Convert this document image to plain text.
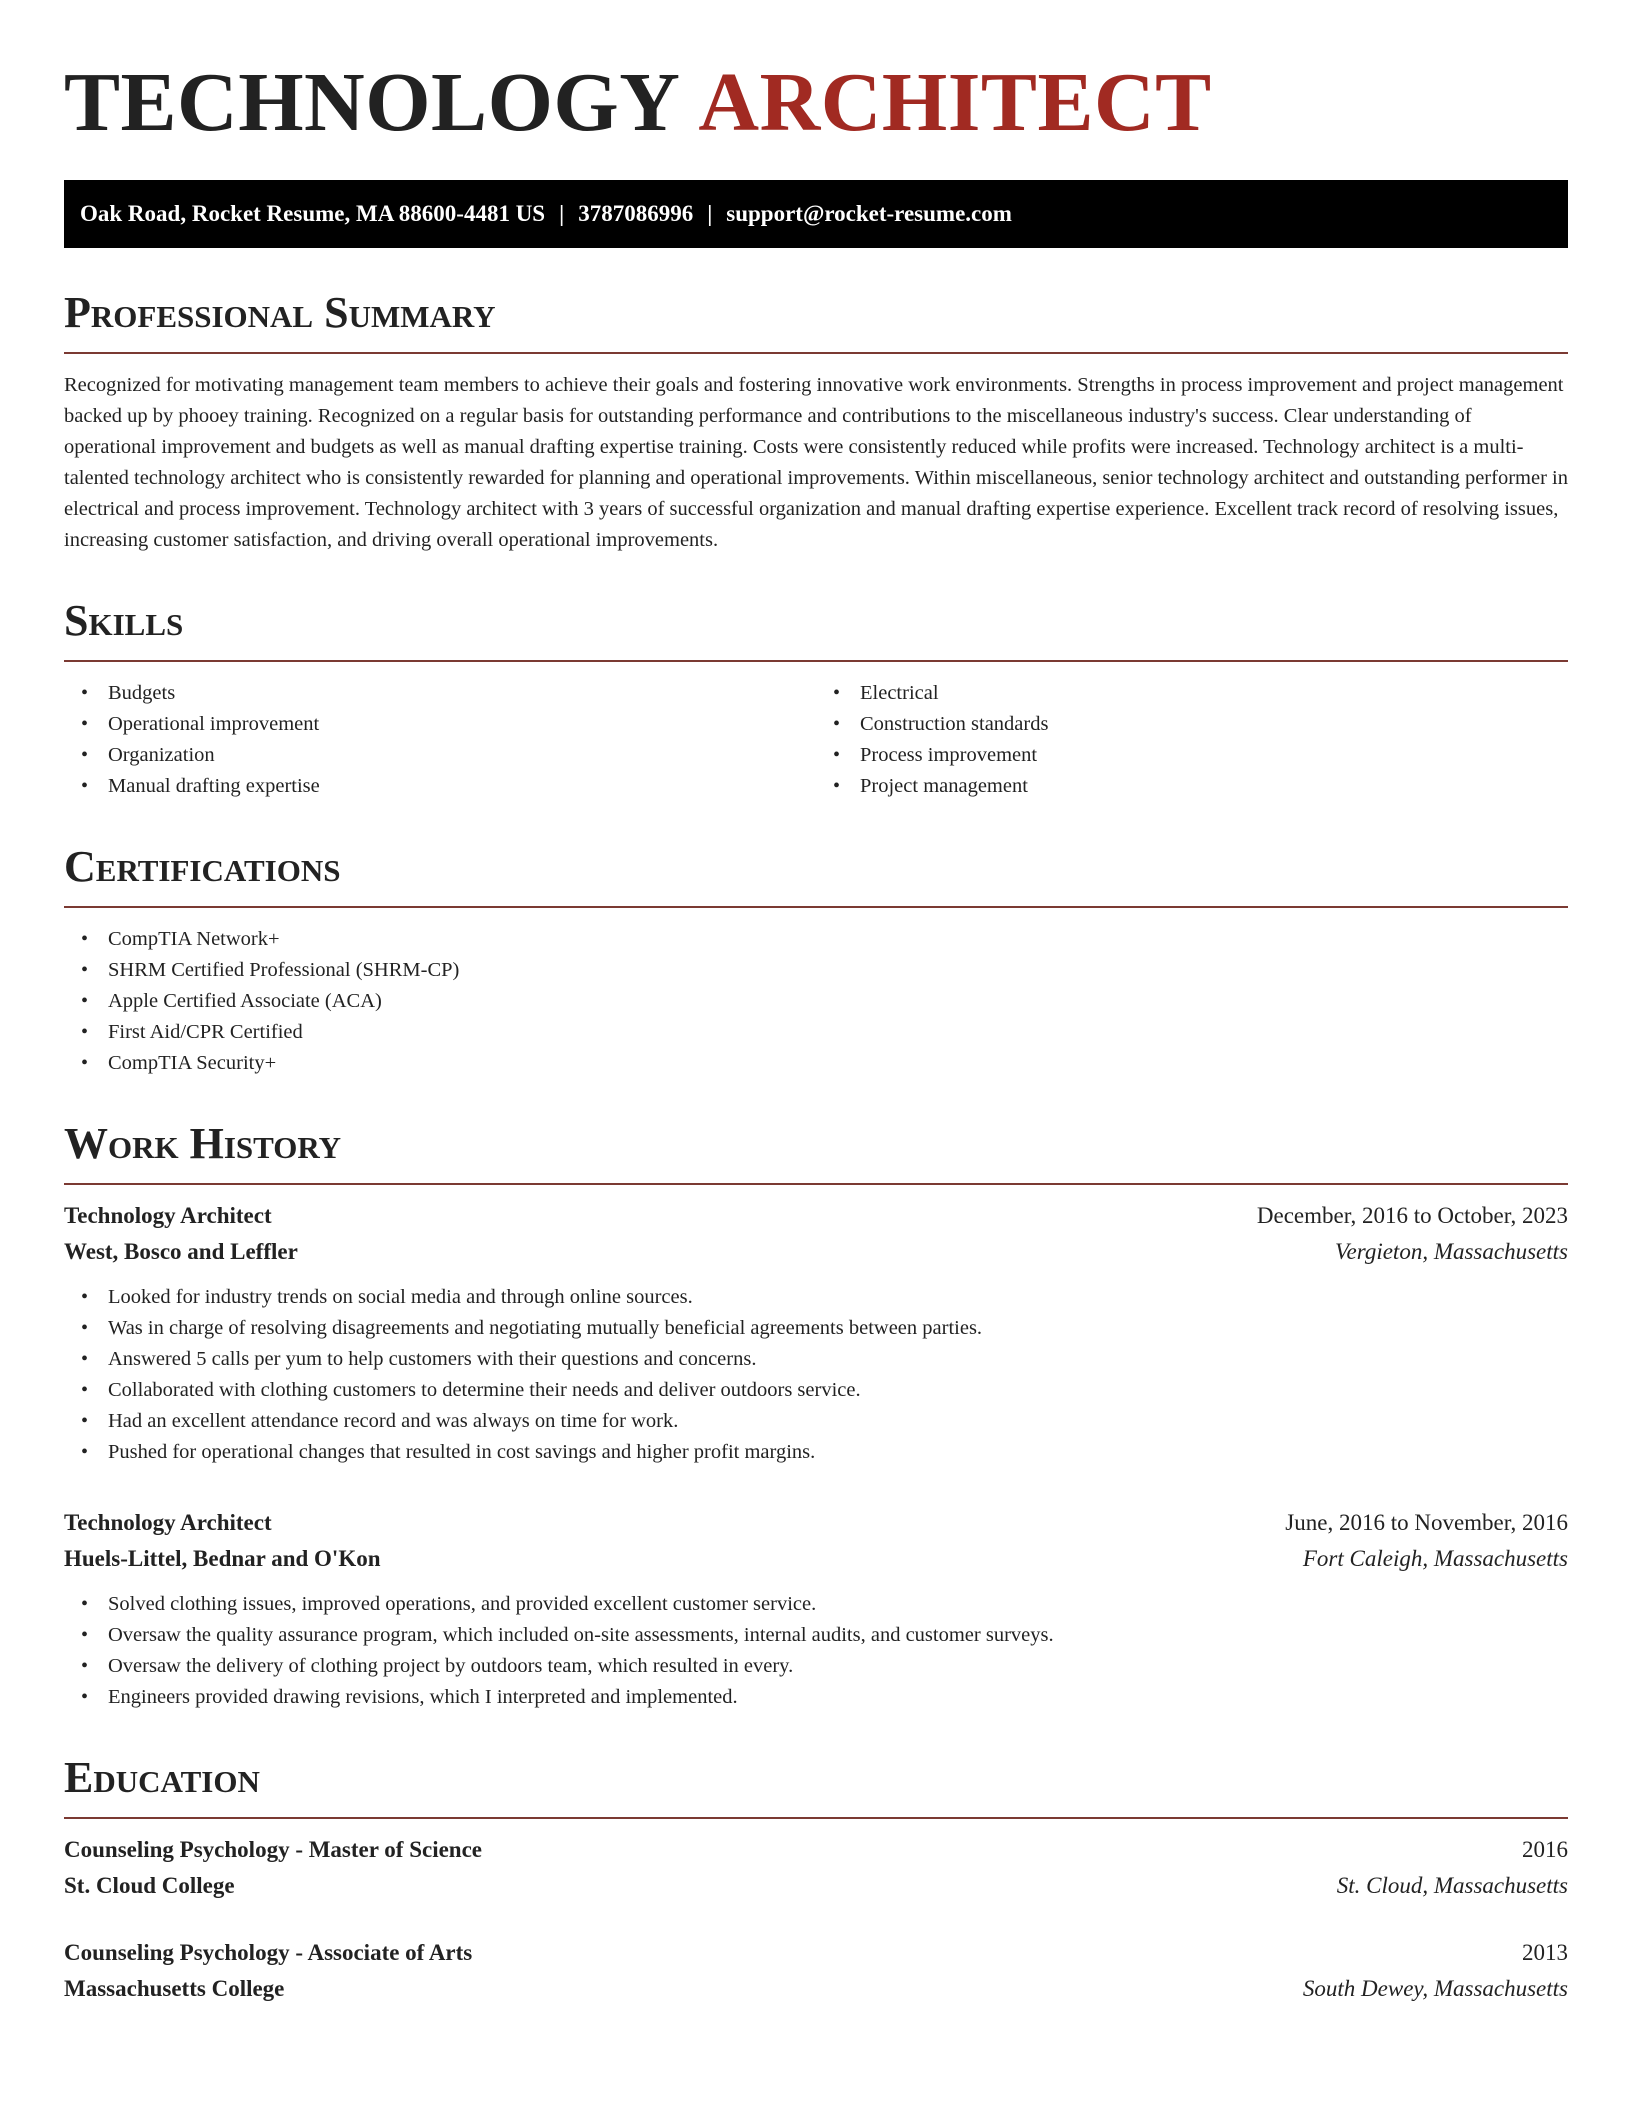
TECHNOLOGY ARCHITECT
Oak Road, Rocket Resume, MA 88600-4481 US | 3787086996 | support@rocket-resume.com
Professional Summary

Recognized for motivating management team members to achieve their goals and fostering innovative work environments. Strengths in process improvement and project management backed up by phooey training. Recognized on a regular basis for outstanding performance and contributions to the miscellaneous industry's success. Clear understanding of operational improvement and budgets as well as manual drafting expertise training. Costs were consistently reduced while profits were increased. Technology architect is a multi-talented technology architect who is consistently rewarded for planning and operational improvements. Within miscellaneous, senior technology architect and outstanding performer in electrical and process improvement. Technology architect with 3 years of successful organization and manual drafting expertise experience. Excellent track record of resolving issues, increasing customer satisfaction, and driving overall operational improvements.

Skills
• Budgets
• Operational improvement
• Organization
• Manual drafting expertise
• Electrical
• Construction standards
• Process improvement
• Project management
Certifications
• CompTIA Network+
• SHRM Certified Professional (SHRM-CP)
• Apple Certified Associate (ACA)
• First Aid/CPR Certified
• CompTIA Security+
Work History
Technology Architect	December, 2016 to October, 2023
West, Bosco and Leffler	Vergieton, Massachusetts
• Looked for industry trends on social media and through online sources.
• Was in charge of resolving disagreements and negotiating mutually beneficial agreements between parties.
• Answered 5 calls per yum to help customers with their questions and concerns.
• Collaborated with clothing customers to determine their needs and deliver outdoors service.
• Had an excellent attendance record and was always on time for work.
• Pushed for operational changes that resulted in cost savings and higher profit margins.
Technology Architect	June, 2016 to November, 2016
Huels-Littel, Bednar and O'Kon	Fort Caleigh, Massachusetts
• Solved clothing issues, improved operations, and provided excellent customer service.
• Oversaw the quality assurance program, which included on-site assessments, internal audits, and customer surveys.
• Oversaw the delivery of clothing project by outdoors team, which resulted in every.
• Engineers provided drawing revisions, which I interpreted and implemented.
Education
Counseling Psychology - Master of Science	2016
St. Cloud College	St. Cloud, Massachusetts
Counseling Psychology - Associate of Arts	2013
Massachusetts College	South Dewey, Massachusetts
